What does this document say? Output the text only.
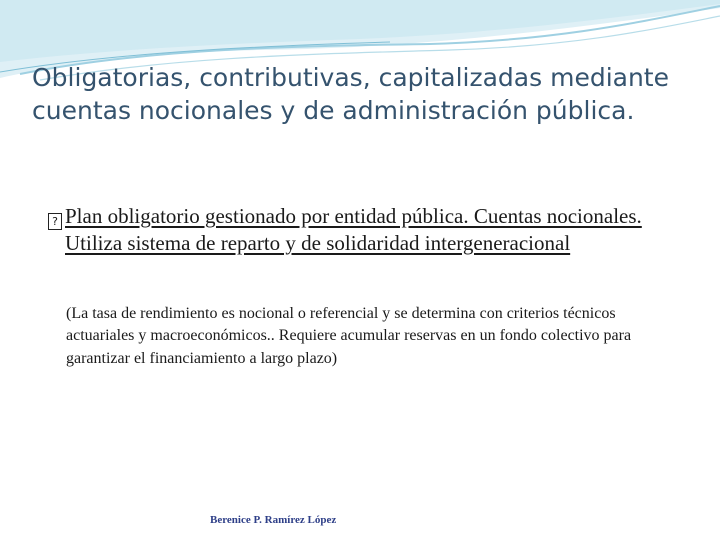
Obligatorias, contributivas, capitalizadas mediante cuentas nocionales y de administración pública.
? Plan obligatorio gestionado por entidad pública. Cuentas nocionales. Utiliza sistema de reparto y de solidaridad intergeneracional
(La tasa de rendimiento es nocional o referencial y se determina con criterios técnicos actuariales y macroeconómicos.. Requiere acumular reservas en un fondo colectivo para garantizar el financiamiento a largo plazo)
Berenice P. Ramírez López
